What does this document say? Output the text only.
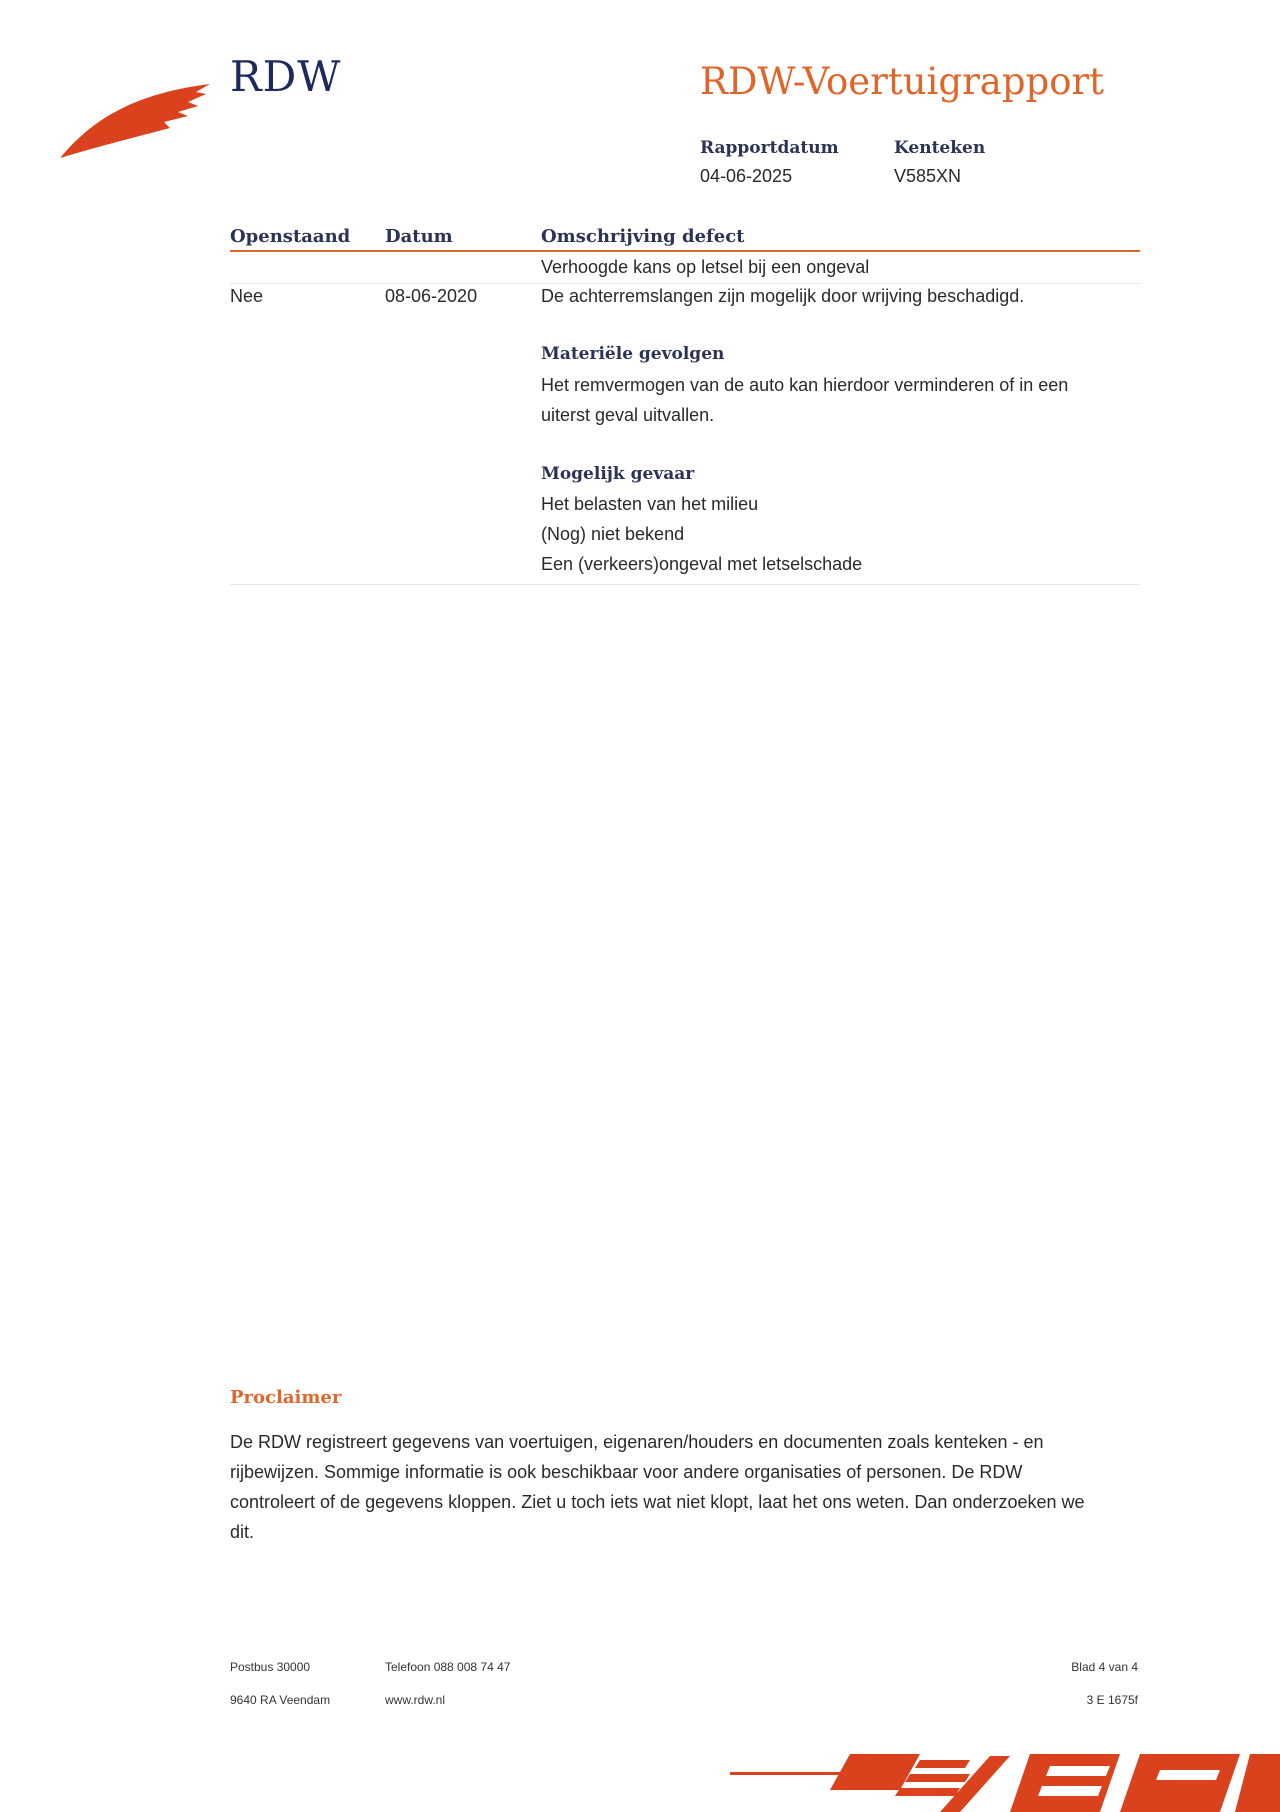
RDW	RDW-Voertuigrapport
Rapportdatum
04-06-2025
Kenteken
V585XN
Openstaand Datum	Omschrijving defect
Verhoogde kans op letsel bij een ongeval
Nee	08-06-2020	De achterremslangen zijn mogelijk door wrijving beschadigd.
Materiële gevolgen
Het remvermogen van de auto kan hierdoor verminderen of in een uiterst geval uitvallen.
Mogelijk gevaar
Het belasten van het milieu
(Nog) niet bekend
Een (verkeers)ongeval met letselschade
Proclaimer
De RDW registreert gegevens van voertuigen, eigenaren/houders en documenten zoals kenteken - en rijbewijzen. Sommige informatie is ook beschikbaar voor andere organisaties of personen. De RDW controleert of de gegevens kloppen. Ziet u toch iets wat niet klopt, laat het ons weten. Dan onderzoeken we dit.
Postbus 30000
9640 RA Veendam
Telefoon 088 008 74 47
www.rdw.nl
Blad 4 van 4
3 E 1675f
